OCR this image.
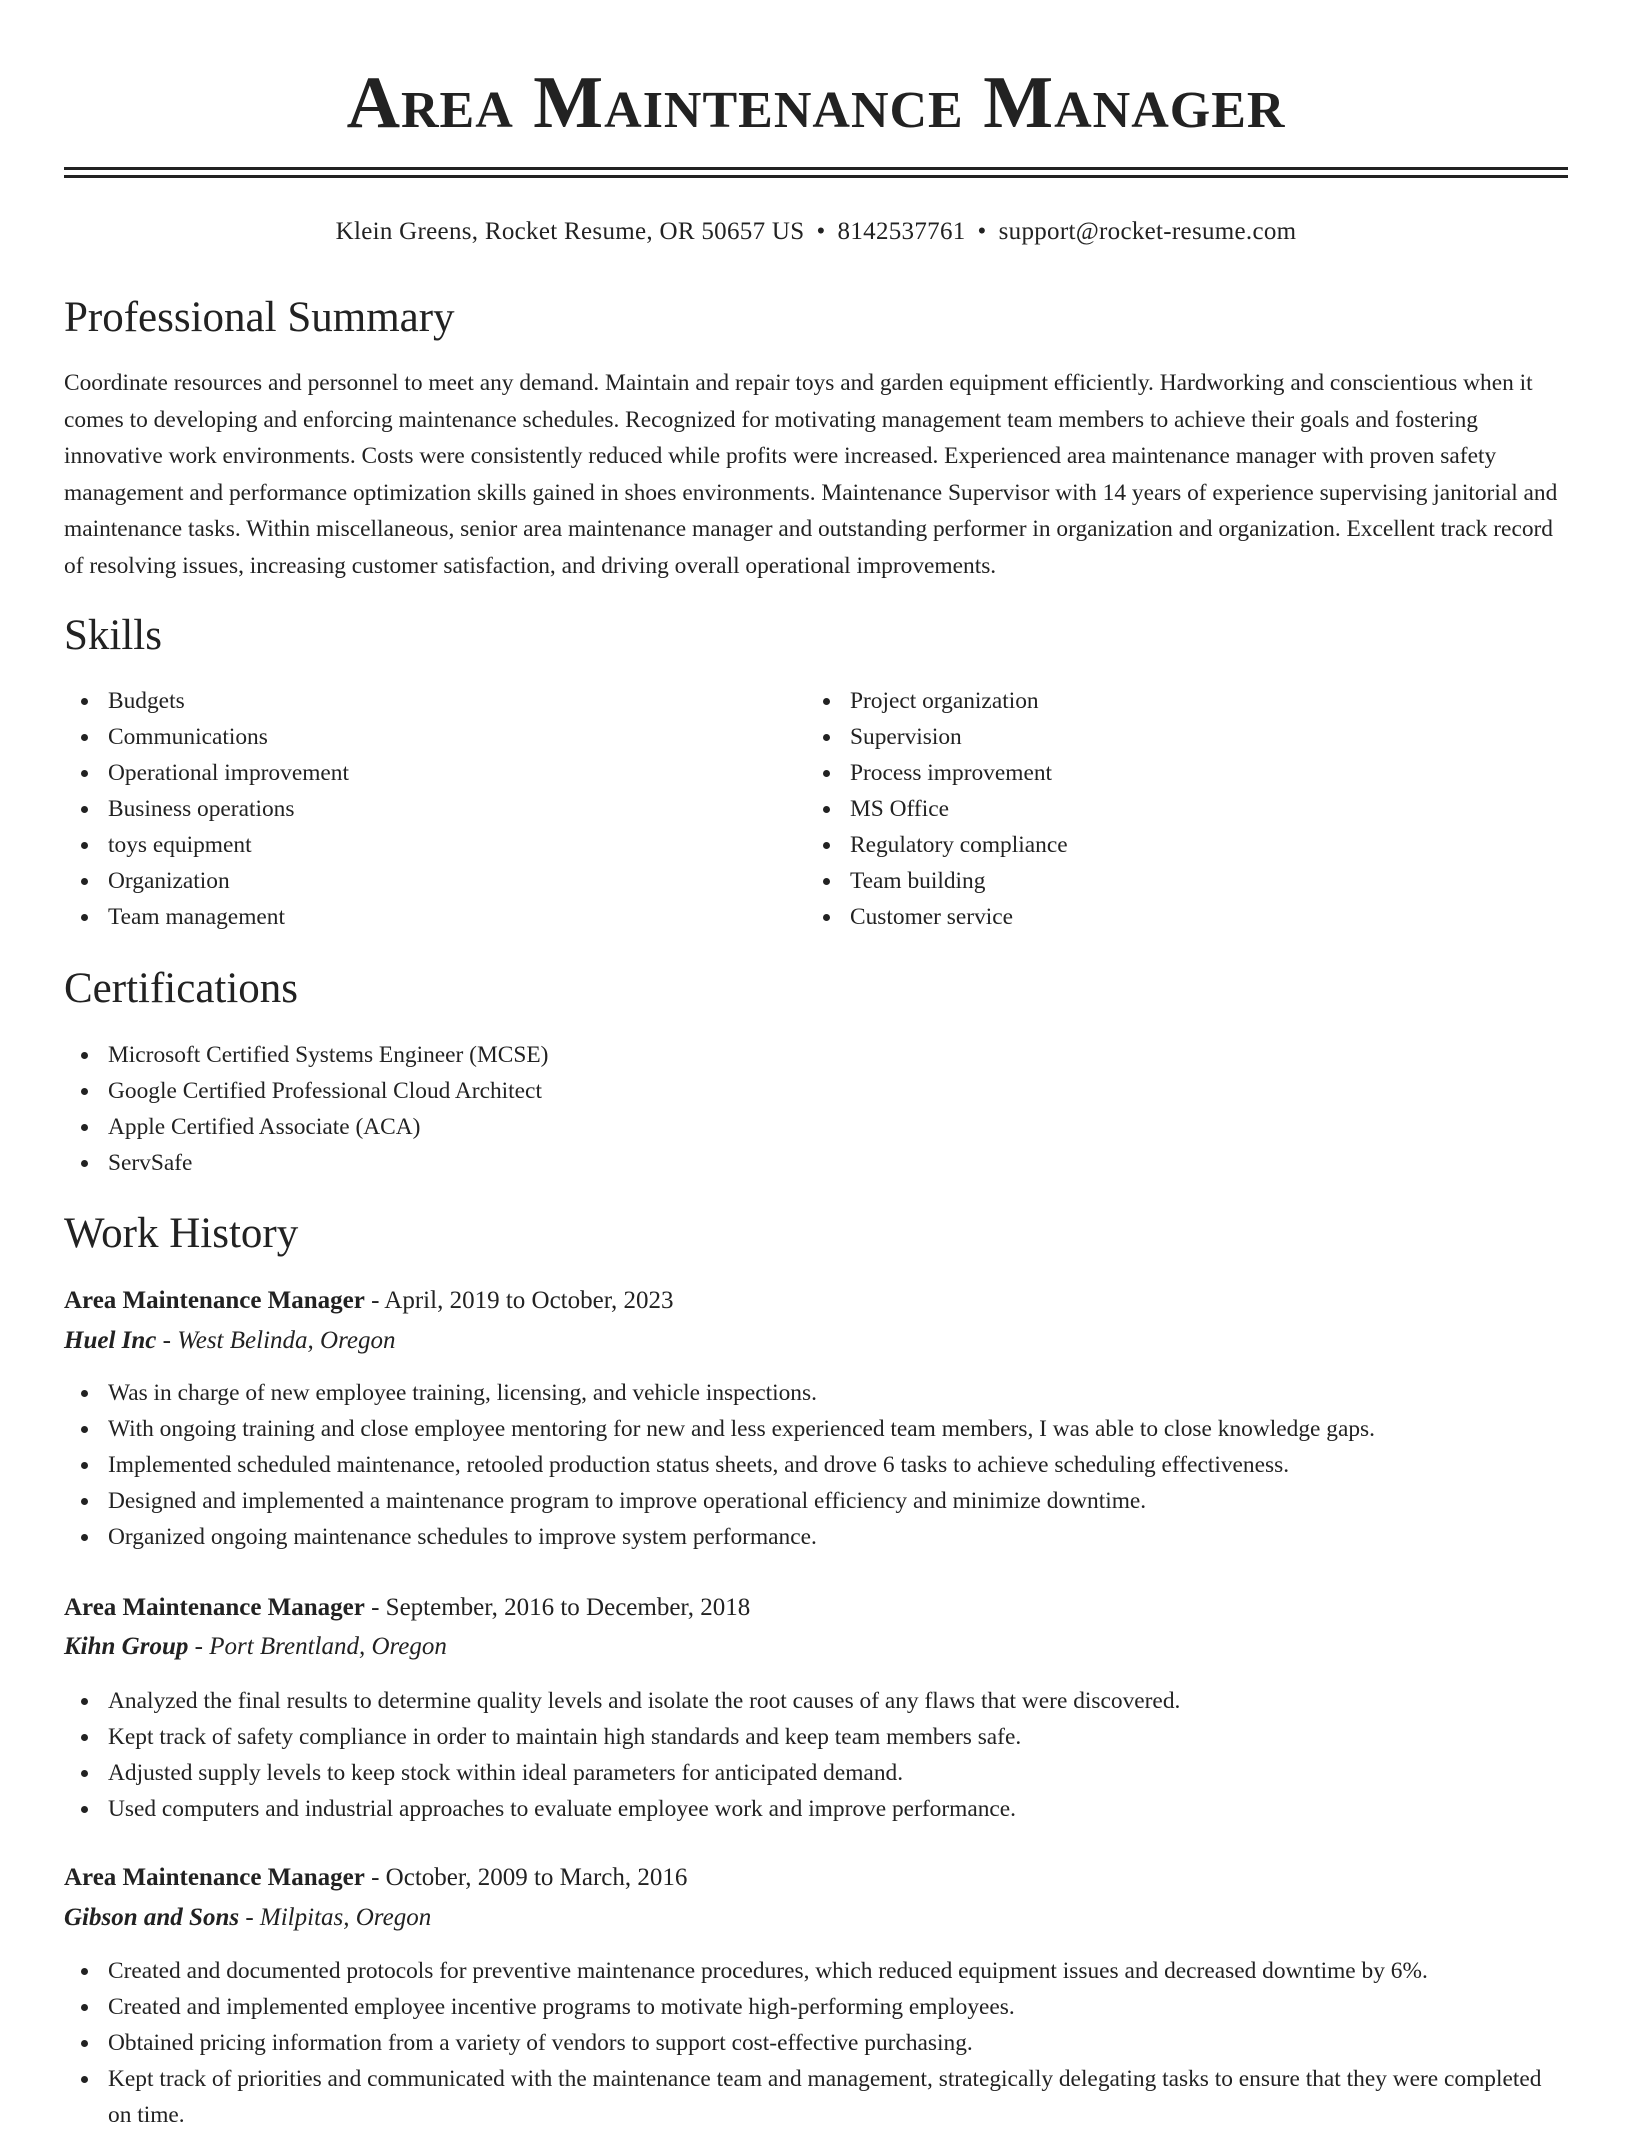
Area Maintenance Manager
Klein Greens, Rocket Resume, OR 50657 US • 8142537761 • support@rocket-resume.com
Professional Summary

Coordinate resources and personnel to meet any demand. Maintain and repair toys and garden equipment efficiently. Hardworking and conscientious when it comes to developing and enforcing maintenance schedules. Recognized for motivating management team members to achieve their goals and fostering innovative work environments. Costs were consistently reduced while profits were increased. Experienced area maintenance manager with proven safety management and performance optimization skills gained in shoes environments. Maintenance Supervisor with 14 years of experience supervising janitorial and maintenance tasks. Within miscellaneous, senior area maintenance manager and outstanding performer in organization and organization. Excellent track record of resolving issues, increasing customer satisfaction, and driving overall operational improvements.

Skills
Budgets
Communications
Operational improvement
Business operations
toys equipment
Organization
Team management
Project organization
Supervision
Process improvement
MS Office
Regulatory compliance
Team building
Customer service
Certifications
Microsoft Certified Systems Engineer (MCSE)
Google Certified Professional Cloud Architect
Apple Certified Associate (ACA)
ServSafe
Work History
Area Maintenance Manager - April, 2019 to October, 2023
Huel Inc - West Belinda, Oregon
Was in charge of new employee training, licensing, and vehicle inspections.
With ongoing training and close employee mentoring for new and less experienced team members, I was able to close knowledge gaps.
Implemented scheduled maintenance, retooled production status sheets, and drove 6 tasks to achieve scheduling effectiveness.
Designed and implemented a maintenance program to improve operational efficiency and minimize downtime.
Organized ongoing maintenance schedules to improve system performance.
Area Maintenance Manager - September, 2016 to December, 2018
Kihn Group - Port Brentland, Oregon
Analyzed the final results to determine quality levels and isolate the root causes of any flaws that were discovered.
Kept track of safety compliance in order to maintain high standards and keep team members safe.
Adjusted supply levels to keep stock within ideal parameters for anticipated demand.
Used computers and industrial approaches to evaluate employee work and improve performance.
Area Maintenance Manager - October, 2009 to March, 2016
Gibson and Sons - Milpitas, Oregon
Created and documented protocols for preventive maintenance procedures, which reduced equipment issues and decreased downtime by 6%.
Created and implemented employee incentive programs to motivate high-performing employees.
Obtained pricing information from a variety of vendors to support cost-effective purchasing.
Kept track of priorities and communicated with the maintenance team and management, strategically delegating tasks to ensure that they were completed on time.
